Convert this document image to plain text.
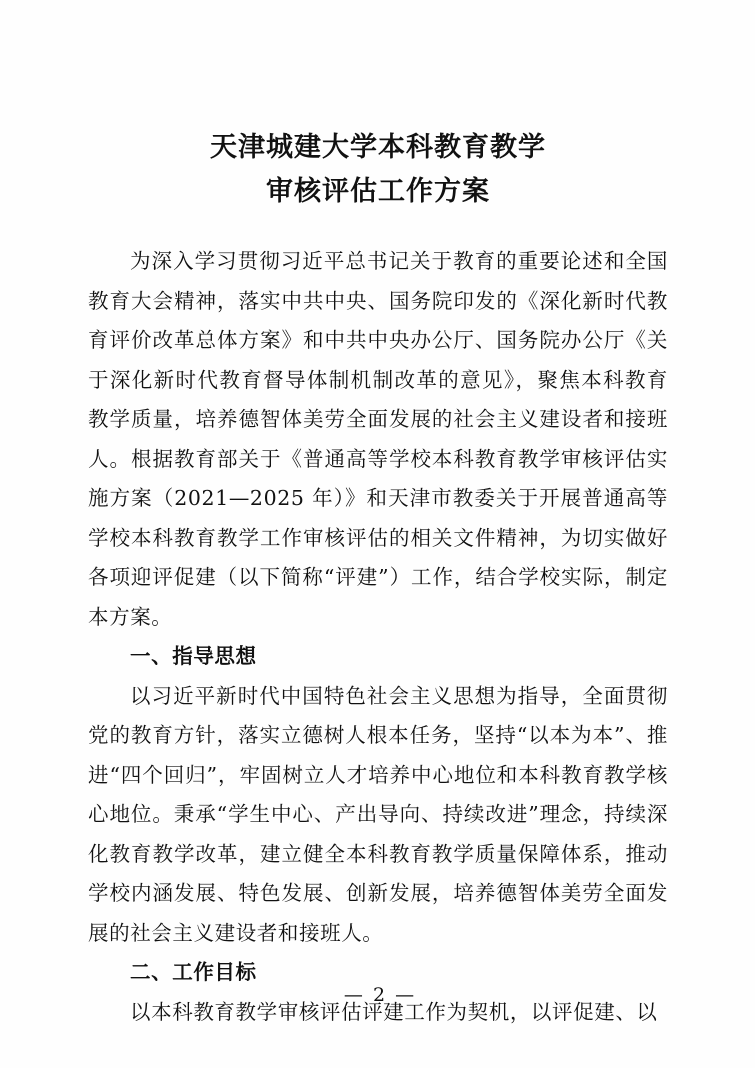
天津城建大学本科教育教学
审核评估工作方案

为深入学习贯彻习近平总书记关于教育的重要论述和全国教育大会精神，落实中共中央、国务院印发的《深化新时代教育评价改革总体方案》和中共中央办公厅、国务院办公厅《关于深化新时代教育督导体制机制改革的意见》，聚焦本科教育教学质量，培养德智体美劳全面发展的社会主义建设者和接班人。根据教育部关于《普通高等学校本科教育教学审核评估实施方案（2021—2025 年）》和天津市教委关于开展普通高等学校本科教育教学工作审核评估的相关文件精神，为切实做好各项迎评促建（以下简称“评建”）工作，结合学校实际，制定本方案。

一、指导思想

以习近平新时代中国特色社会主义思想为指导，全面贯彻党的教育方针，落实立德树人根本任务，坚持“以本为本”、推进“四个回归”，牢固树立人才培养中心地位和本科教育教学核心地位。秉承“学生中心、产出导向、持续改进”理念，持续深化教育教学改革，建立健全本科教育教学质量保障体系，推动学校内涵发展、特色发展、创新发展，培养德智体美劳全面发展的社会主义建设者和接班人。

二、工作目标

以本科教育教学审核评估评建工作为契机，以评促建、以

— 2 —
